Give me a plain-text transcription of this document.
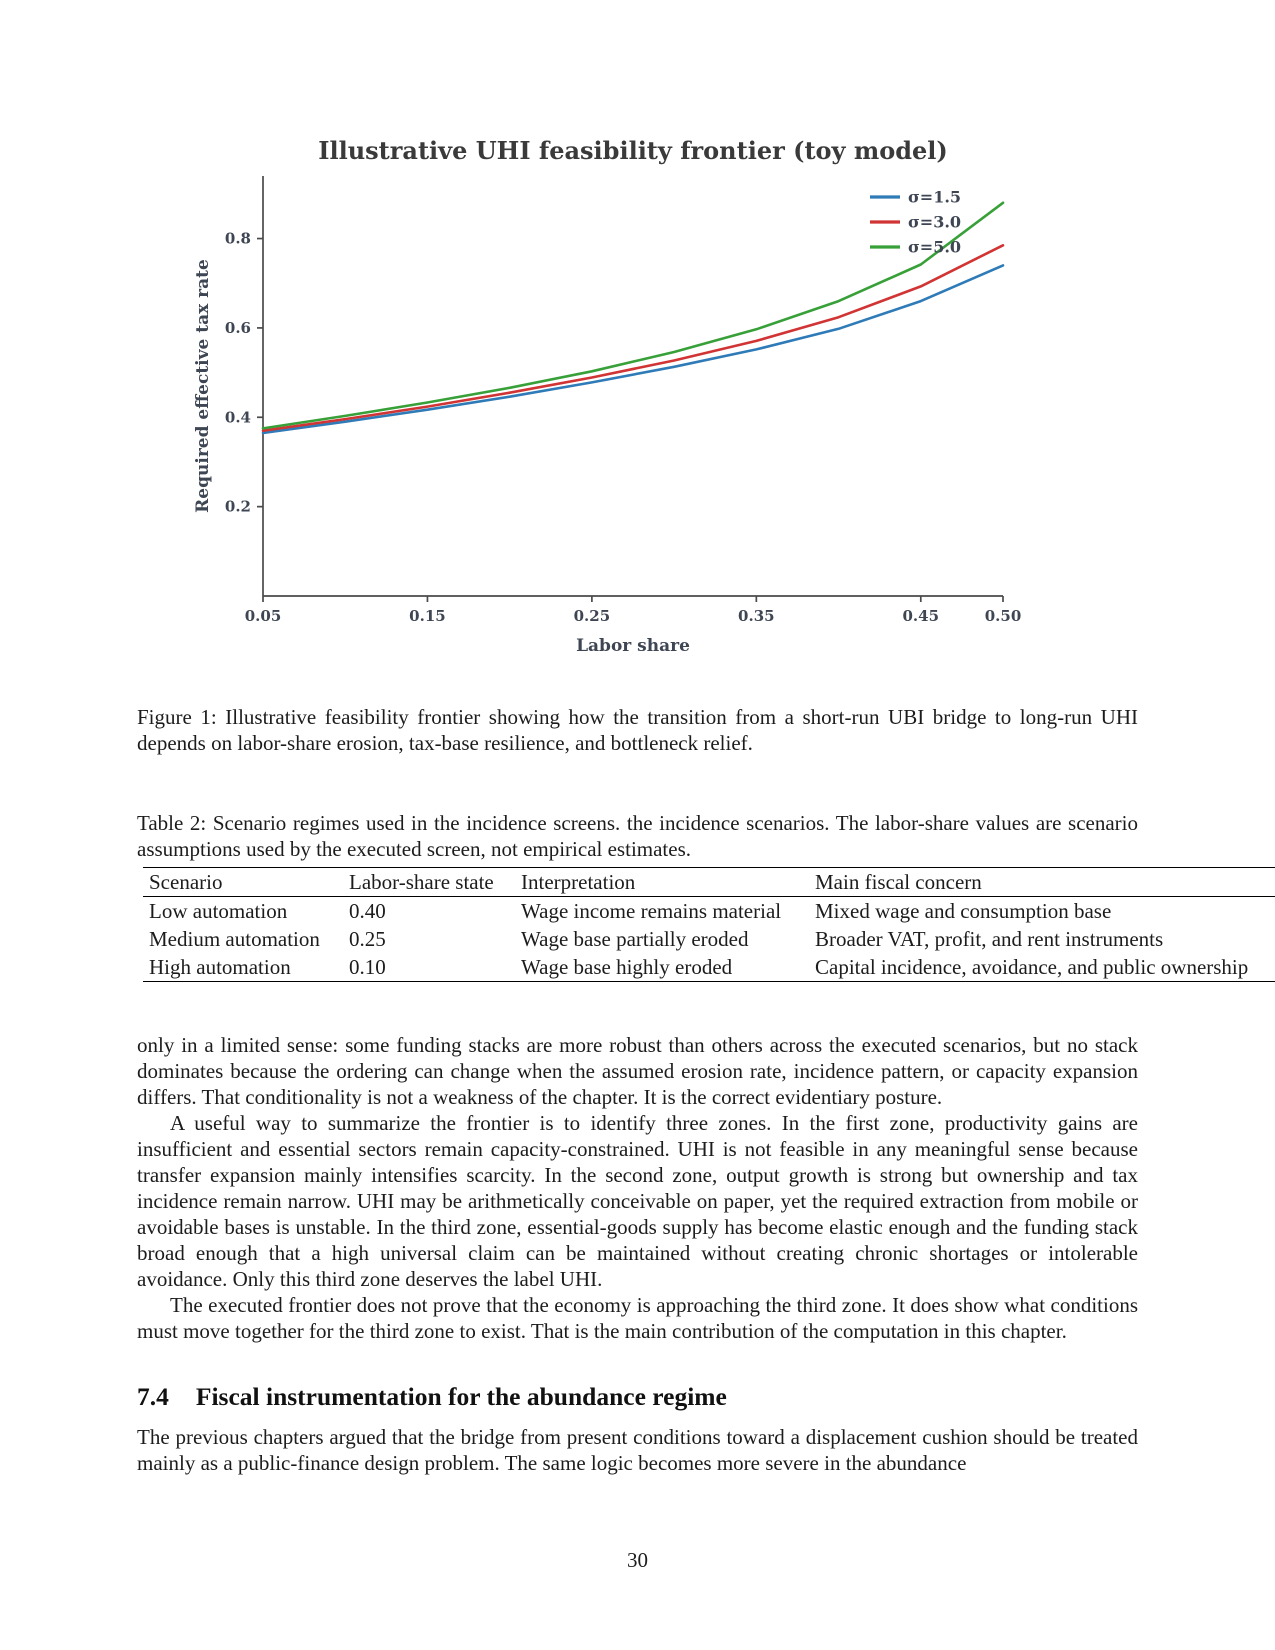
0.05	0.15	0.25	0.35	0.45	0.50
0.2
0.4
0.6
0.8
σ=1.5
σ=3.0
σ=5.0
Illustrative UHI feasibility frontier (toy model)
Labor share
Required effective tax rate
Figure 1: Illustrative feasibility frontier showing how the transition from a short-run UBI bridge to long-run UHI depends on labor-share erosion, tax-base resilience, and bottleneck relief.
Table 2: Scenario regimes used in the incidence screens. the incidence scenarios. The labor-share values are scenario assumptions used by the executed screen, not empirical estimates.
Scenario	Labor-share state	Interpretation	Main fiscal concern
Low automation	0.40	Wage income remains material	Mixed wage and consumption base
Medium automation	0.25	Wage base partially eroded	Broader VAT, profit, and rent instruments
High automation	0.10	Wage base highly eroded	Capital incidence, avoidance, and public ownership

only in a limited sense: some funding stacks are more robust than others across the executed scenarios, but no stack dominates because the ordering can change when the assumed erosion rate, incidence pattern, or capacity expansion differs. That conditionality is not a weakness of the chapter. It is the correct evidentiary posture.

A useful way to summarize the frontier is to identify three zones. In the first zone, productivity gains are insufficient and essential sectors remain capacity-constrained. UHI is not feasible in any meaningful sense because transfer expansion mainly intensifies scarcity. In the second zone, output growth is strong but ownership and tax incidence remain narrow. UHI may be arithmetically conceivable on paper, yet the required extraction from mobile or avoidable bases is unstable. In the third zone, essential-goods supply has become elastic enough and the funding stack broad enough that a high universal claim can be maintained without creating chronic shortages or intolerable avoidance. Only this third zone deserves the label UHI.

The executed frontier does not prove that the economy is approaching the third zone. It does show what conditions must move together for the third zone to exist. That is the main contribution of the computation in this chapter.

7.4 Fiscal instrumentation for the abundance regime

The previous chapters argued that the bridge from present conditions toward a displacement cushion should be treated mainly as a public-finance design problem. The same logic becomes more severe in the abundance

30
